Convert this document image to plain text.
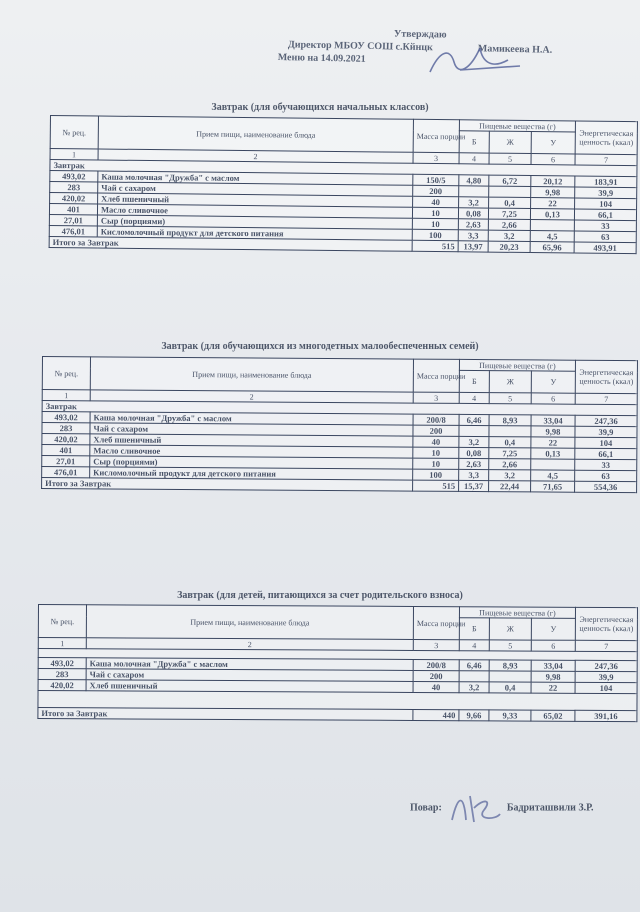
Утверждаю
Директор МБОУ СОШ с.Кйнцк	Мамикеева Н.А.
Меню на 14.09.2021
Завтрак (для обучающихся начальных классов)
№ рец.	Прием пищи, наименование блюда	Масса порции	Пищевые вещества (г)			Энергетическая ценность (ккал)
			Б	Ж	У	
1	2	3	4	5	6	7
Завтрак						
493,02	Каша молочная "Дружба" с маслом	150/5	4,80	6,72	20,12	183,91
283	Чай с сахаром	200			9,98	39,9
420,02	Хлеб пшеничный	40	3,2	0,4	22	104
401	Масло сливочное	10	0,08	7,25	0,13	66,1
27,01	Сыр (порциями)	10	2,63	2,66		33
476,01	Кисломолочный продукт для детского питания	100	3,3	3,2	4,5	63
Итого за Завтрак		515	13,97	20,23	65,96	493,91
Завтрак (для обучающихся из многодетных малообеспеченных семей)
№ рец.	Прием пищи, наименование блюда	Масса порции	Пищевые вещества (г)			Энергетическая ценность (ккал)
			Б	Ж	У	
1	2	3	4	5	6	7
Завтрак						
493,02	Каша молочная "Дружба" с маслом	200/8	6,46	8,93	33,04	247,36
283	Чай с сахаром	200			9,98	39,9
420,02	Хлеб пшеничный	40	3,2	0,4	22	104
401	Масло сливочное	10	0,08	7,25	0,13	66,1
27,01	Сыр (порциями)	10	2,63	2,66		33
476,01	Кисломолочный продукт для детского питания	100	3,3	3,2	4,5	63
Итого за Завтрак		515	15,37	22,44	71,65	554,36
Завтрак (для детей, питающихся за счет родительского взноса)
№ рец.	Прием пищи, наименование блюда	Масса порции	Пищевые вещества (г)			Энергетическая ценность (ккал)
			Б	Ж	У	
1	2	3	4	5	6	7

493,02	Каша молочная "Дружба" с маслом	200/8	6,46	8,93	33,04	247,36
283	Чай с сахаром	200			9,98	39,9
420,02	Хлеб пшеничный	40	3,2	0,4	22	104

Итого за Завтрак		440	9,66	9,33	65,02	391,16
Повар:	Бадриташвили З.Р.
